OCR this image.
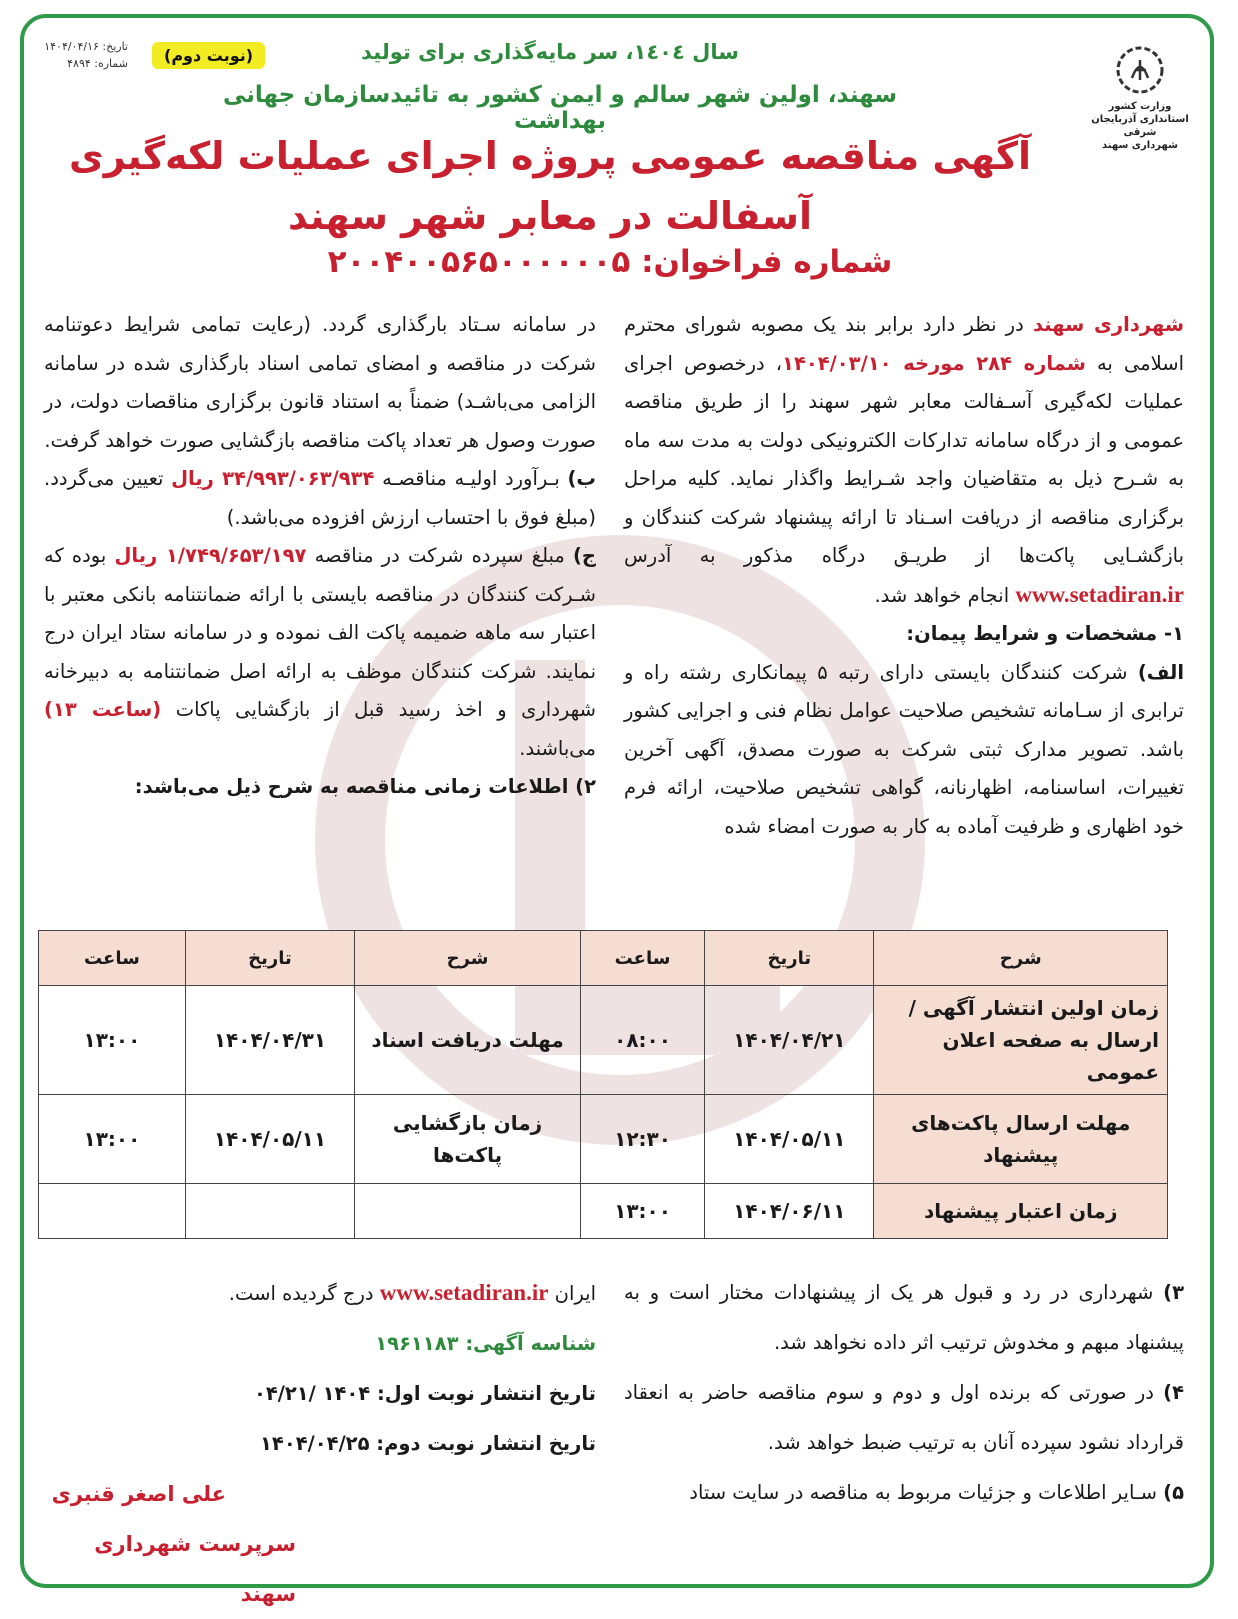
تاریخ: ۱۴۰۴/۰۴/۱۶
شماره: ۴۸۹۴	(نوبت دوم)	سال ۱٤۰٤، سر مایه‌گذاری برای تولید
سهند، اولین شهر سالم و ایمن کشور به تائیدسازمان جهانی بهداشت
وزارت کشور
استانداری آذربایجان شرقی
شهرداری سهند
آگهی مناقصه عمومی پروژه اجرای عملیات لکه‌گیری آسفالت در معابر شهر سهند
شماره فراخوان: ۲۰۰۴۰۰۵۶۵۰۰۰۰۰۰۵
شهرداری سهند در نظر دارد برابر بند یک مصوبه شورای محترم اسلامی به شماره ۲۸۴ مورخه ۱۴۰۴/۰۳/۱۰، درخصوص اجرای عملیات لکه‌گیری آسـفالت معابر شهر سهند را از طریق مناقصه عمومی و از درگاه سامانه تدارکات الکترونیکی دولت به مدت سه ماه به شـرح ذیل به متقاضیان واجد شـرایط واگذار نماید. کلیه مراحل برگزاری مناقصه از دریافت اسـناد تا ارائه پیشنهاد شرکت کنندگان و بازگشـایی پاکت‌ها از طریـق درگاه مذکور به آدرس www.setadiran.ir انجام خواهد شد.
۱- مشخصات و شرایط پیمان:
الف) شرکت کنندگان بایستی دارای رتبه ۵ پیمانکاری رشته راه و ترابری از سـامانه تشخیص صلاحیت عوامل نظام فنی و اجرایی کشور باشد. تصویر مدارک ثبتی شرکت به صورت مصدق، آگهی آخرین تغییرات، اساسنامه، اظهارنانه، گواهی تشخیص صلاحیت، ارائه فرم خود اظهاری و ظرفیت آماده به کار به صورت امضاء شده
در سامانه سـتاد بارگذاری گردد. (رعایت تمامی شرایط دعوتنامه شرکت در مناقصه و امضای تمامی اسناد بارگذاری شده در سامانه الزامی می‌باشـد) ضمناً به استناد قانون برگزاری مناقصات دولت، در صورت وصول هر تعداد پاکت مناقصه بازگشایی صورت خواهد گرفت.
ب) بـرآورد اولیـه مناقصـه ۳۴/۹۹۳/۰۶۳/۹۳۴ ریال تعیین می‌گردد. (مبلغ فوق با احتساب ارزش افزوده می‌باشد.)
ج) مبلغ سپرده شرکت در مناقصه ۱/۷۴۹/۶۵۳/۱۹۷ ریال بوده که شـرکت کنندگان در مناقصه بایستی با ارائه ضمانتنامه بانکی معتبر با اعتبار سه ماهه ضمیمه پاکت الف نموده و در سامانه ستاد ایران درج نمایند. شرکت کنندگان موظف به ارائه اصل ضمانتنامه به دبیرخانه شهرداری و اخذ رسید قبل از بازگشایی پاکات (ساعت ۱۳) می‌باشند.
۲) اطلاعات زمانی مناقصه به شرح ذیل می‌باشد:
شرح	تاریخ	ساعت	شرح	تاریخ	ساعت
زمان اولین انتشار آگهی / ارسال به صفحه اعلان عمومی	۱۴۰۴/۰۴/۲۱	۰۸:۰۰	مهلت دریافت اسناد	۱۴۰۴/۰۴/۳۱	۱۳:۰۰
مهلت ارسال پاکت‌های پیشنهاد	۱۴۰۴/۰۵/۱۱	۱۲:۳۰	زمان بازگشایی پاکت‌ها	۱۴۰۴/۰۵/۱۱	۱۳:۰۰
زمان اعتبار پیشنهاد	۱۴۰۴/۰۶/۱۱	۱۳:۰۰			
۳) شهرداری در رد و قبول هر یک از پیشنهادات مختار است و به پیشنهاد مبهم و مخدوش ترتیب اثر داده نخواهد شد.
۴) در صورتی که برنده اول و دوم و سوم مناقصه حاضر به انعقاد قرارداد نشود سپرده آنان به ترتیب ضبط خواهد شد.
۵) سـایر اطلاعات و جزئیات مربوط به مناقصه در سایت ستاد
ایران www.setadiran.ir درج گردیده است.
شناسه آگهی: ۱۹۶۱۱۸۳
تاریخ انتشار نوبت اول: ۱۴۰۴ /۰۴/۲۱
تاریخ انتشار نوبت دوم: ۱۴۰۴/۰۴/۲۵
علی اصغر قنبری
سرپرست شهرداری سهند
